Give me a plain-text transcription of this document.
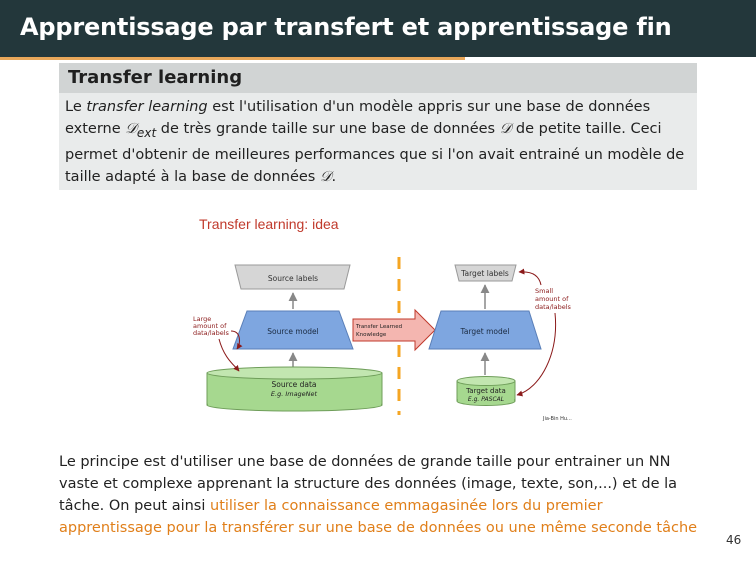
Apprentissage par transfert et apprentissage fin
Transfer learning
Le transfer learning est l'utilisation d'un modèle appris sur une base de données externe 𝒟$_{ext}$ de très grande taille sur une base de données 𝒟 de petite taille. Ceci permet d'obtenir de meilleures performances que si l'on avait entrainé un modèle de taille adapté à la base de données 𝒟.
Transfer learning: idea
Source labels
Source model
Source data
E.g. ImageNet
Large
amount of
data/labels
Transfer Learned
Knowledge
Target labels
Target model
Target data
E.g. PASCAL
Small
amount of
data/labels
Jia-Bin Hu...
Le principe est d'utiliser une base de données de grande taille pour entrainer un NN vaste et complexe apprenant la structure des données (image, texte, son,...) et de la tâche. On peut ainsi utiliser la connaissance emmagasinée lors du premier apprentissage pour la transférer sur une base de données ou une même seconde tâche
46
